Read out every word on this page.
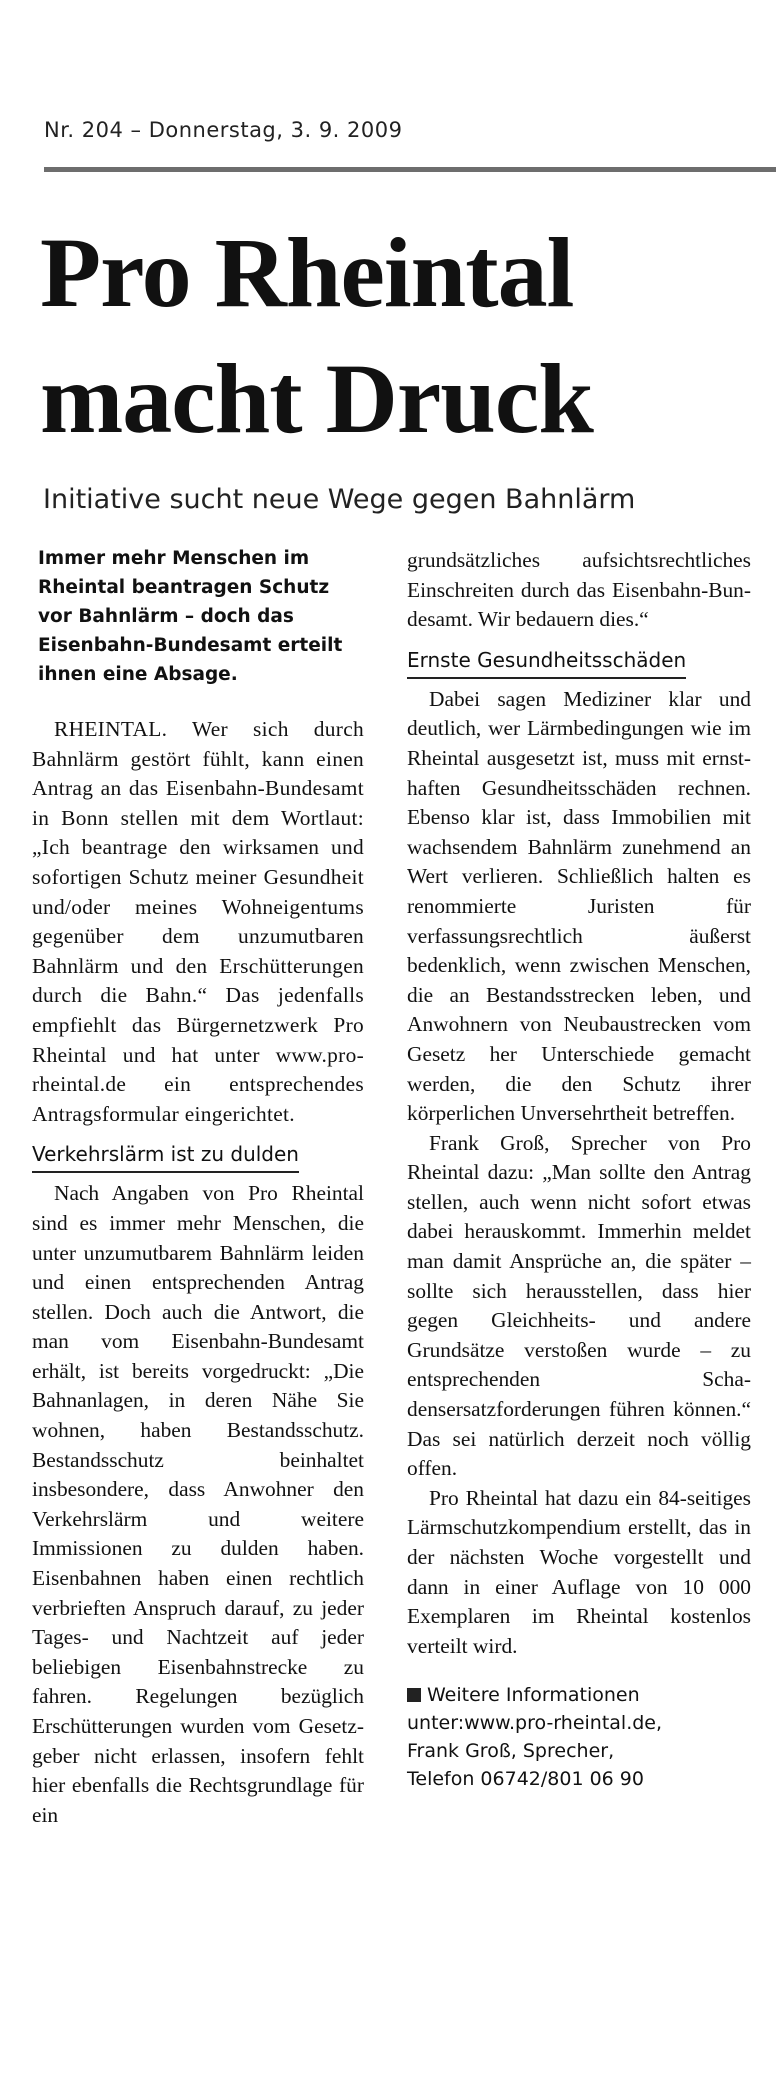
Nr. 204 – Donnerstag, 3. 9. 2009
Pro Rheintal
macht Druck
Initiative sucht neue Wege gegen Bahnlärm
Immer mehr Menschen im Rheintal beantragen Schutz vor Bahnlärm – doch das Eisenbahn-Bundesamt erteilt ihnen eine Absage.

RHEINTAL. Wer sich durch Bahnlärm gestört fühlt, kann einen Antrag an das Eisenbahn-Bundesamt in Bonn stellen mit dem Wortlaut: „Ich beantrage den wirksamen und sofortigen Schutz meiner Gesundheit und/oder meines Wohneigentums gegenüber dem unzumutbaren Bahnlärm und den Erschütterungen durch die Bahn.“ Das jedenfalls empfiehlt das Bürgernetzwerk Pro Rheintal und hat unter www.pro-rheintal.de ein entsprechendes Antragsformular eingerichtet.

Verkehrslärm ist zu dulden

Nach Angaben von Pro Rheintal sind es immer mehr Menschen, die unter unzumutbarem Bahnlärm leiden und einen entsprechenden Antrag stellen. Doch auch die Antwort, die man vom Eisenbahn-Bundesamt erhält, ist bereits vorgedruckt: „Die Bahnanlagen, in deren Nähe Sie wohnen, haben Bestandsschutz. Bestandsschutz beinhaltet insbesondere, dass Anwohner den Verkehrslärm und weitere Immissionen zu dulden haben. Eisenbahnen haben einen rechtlich verbrieften Anspruch darauf, zu jeder Tages- und Nachtzeit auf jeder beliebigen Eisenbahnstrecke zu fahren. Regelungen bezüglich Erschütterungen wurden vom Gesetzgeber nicht erlassen, insofern fehlt hier ebenfalls die Rechtsgrundlage für ein

grundsätzliches aufsichtsrechtliches Einschreiten durch das Eisenbahn-Bundesamt. Wir bedauern dies.“

Ernste Gesundheitsschäden

Dabei sagen Mediziner klar und deutlich, wer Lärmbedingungen wie im Rheintal ausgesetzt ist, muss mit ernsthaften Gesundheitsschäden rechnen. Ebenso klar ist, dass Immobilien mit wachsendem Bahnlärm zunehmend an Wert verlieren. Schließlich halten es renommierte Juristen für verfassungsrechtlich äußerst bedenklich, wenn zwischen Menschen, die an Bestandsstrecken leben, und Anwohnern von Neubaustrecken vom Gesetz her Unterschiede gemacht werden, die den Schutz ihrer körperlichen Unversehrtheit betreffen.

Frank Groß, Sprecher von Pro Rheintal dazu: „Man sollte den Antrag stellen, auch wenn nicht sofort etwas dabei herauskommt. Immerhin meldet man damit Ansprüche an, die später – sollte sich herausstellen, dass hier gegen Gleichheits- und andere Grundsätze verstoßen wurde – zu entsprechenden Schadensersatzforderungen führen können.“ Das sei natürlich derzeit noch völlig offen.

Pro Rheintal hat dazu ein 84-seitiges Lärmschutzkompendium erstellt, das in der nächsten Woche vorgestellt und dann in einer Auflage von 10 000 Exemplaren im Rheintal kostenlos verteilt wird.

Weitere Informationen
unter:www.pro-rheintal.de,
Frank Groß, Sprecher,
Telefon 06742/801 06 90
